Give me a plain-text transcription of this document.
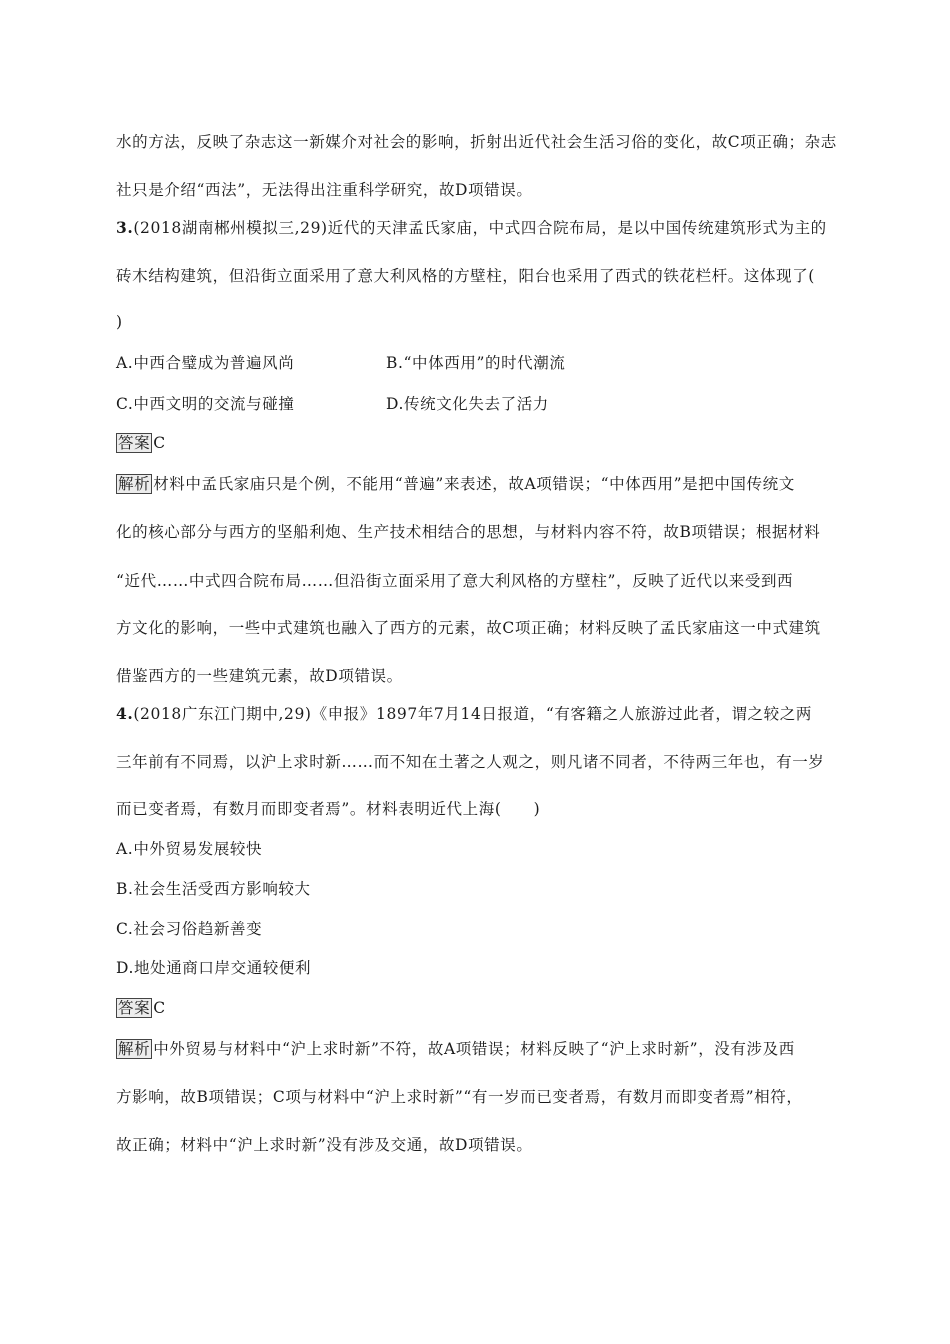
水的方法，反映了杂志这一新媒介对社会的影响，折射出近代社会生活习俗的变化，故C项正确；杂志
社只是介绍“西法”，无法得出注重科学研究，故D项错误。
3.(2018湖南郴州模拟三,29)近代的天津孟氏家庙，中式四合院布局，是以中国传统建筑形式为主的
砖木结构建筑，但沿街立面采用了意大利风格的方壁柱，阳台也采用了西式的铁花栏杆。这体现了(
)
A.中西合璧成为普遍风尚	B.“中体西用”的时代潮流
C.中西文明的交流与碰撞	D.传统文化失去了活力
答案 C
解析 材料中孟氏家庙只是个例，不能用“普遍”来表述，故A项错误；“中体西用”是把中国传统文
化的核心部分与西方的坚船利炮、生产技术相结合的思想，与材料内容不符，故B项错误；根据材料
“近代……中式四合院布局……但沿街立面采用了意大利风格的方壁柱”，反映了近代以来受到西
方文化的影响，一些中式建筑也融入了西方的元素，故C项正确；材料反映了孟氏家庙这一中式建筑
借鉴西方的一些建筑元素，故D项错误。
4.(2018广东江门期中,29)《申报》1897年7月14日报道，“有客籍之人旅游过此者，谓之较之两
三年前有不同焉，以沪上求时新……而不知在土著之人观之，则凡诸不同者，不待两三年也，有一岁
而已变者焉，有数月而即变者焉”。材料表明近代上海(　　)
A.中外贸易发展较快
B.社会生活受西方影响较大
C.社会习俗趋新善变
D.地处通商口岸交通较便利
答案 C
解析 中外贸易与材料中“沪上求时新”不符，故A项错误；材料反映了“沪上求时新”，没有涉及西
方影响，故B项错误；C项与材料中“沪上求时新”“有一岁而已变者焉，有数月而即变者焉”相符，
故正确；材料中“沪上求时新”没有涉及交通，故D项错误。
